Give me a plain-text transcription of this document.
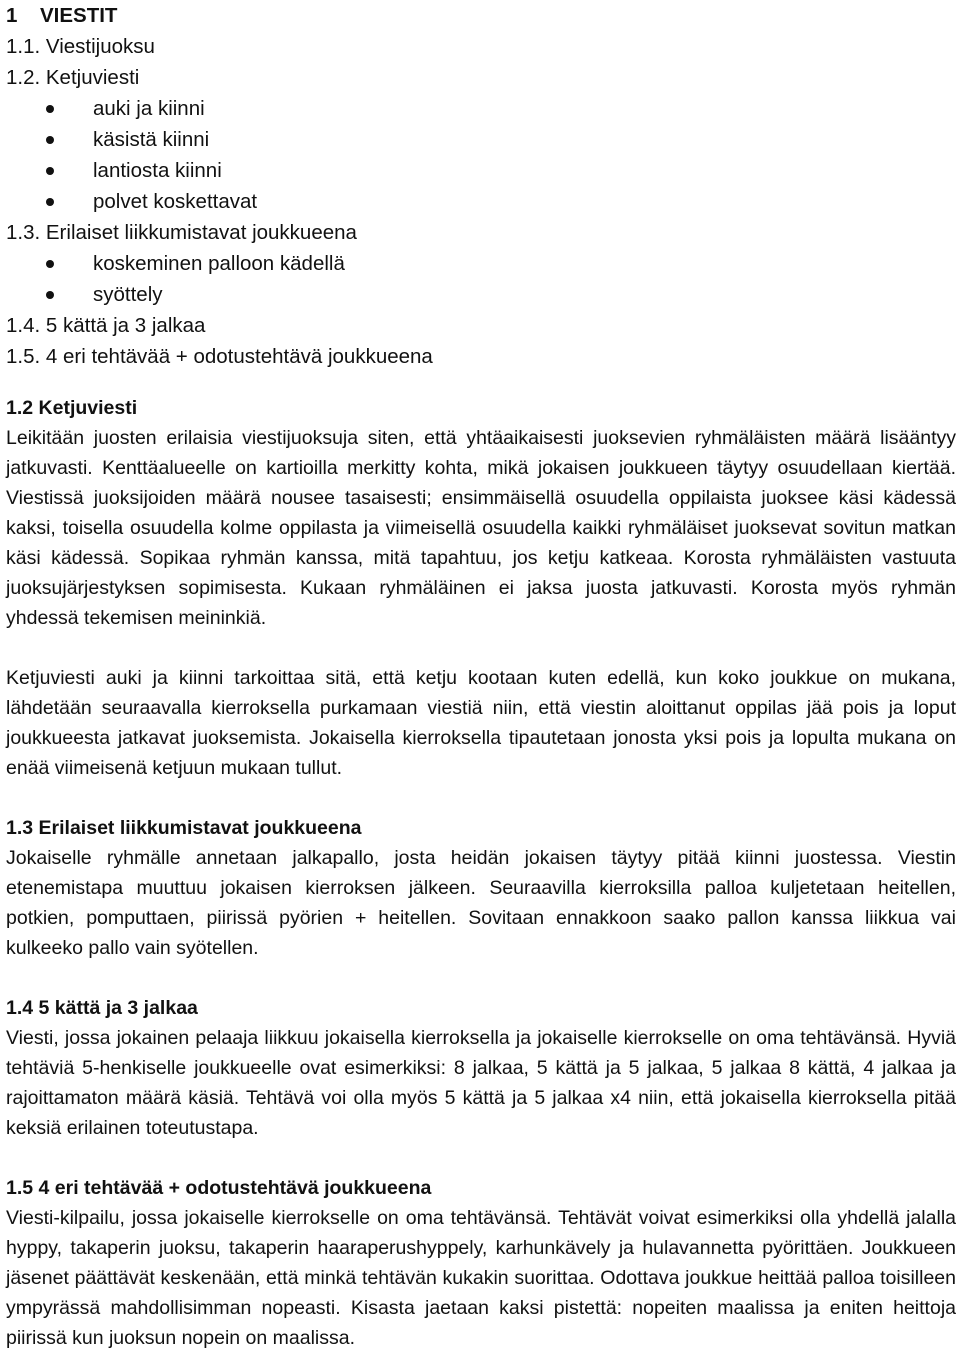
1 VIESTIT
1.1. Viestijuoksu
1.2. Ketjuviesti
auki ja kiinni
käsistä kiinni
lantiosta kiinni
polvet koskettavat
1.3. Erilaiset liikkumistavat joukkueena
koskeminen palloon kädellä
syöttely
1.4. 5 kättä ja 3 jalkaa
1.5. 4 eri tehtävää + odotustehtävä joukkueena
1.2 Ketjuviesti

Leikitään juosten erilaisia viestijuoksuja siten, että yhtäaikaisesti juoksevien ryhmäläisten määrä lisääntyy jatkuvasti. Kenttäalueelle on kartioilla merkitty kohta, mikä jokaisen joukkueen täytyy osuudellaan kiertää. Viestissä juoksijoiden määrä nousee tasaisesti; ensimmäisellä osuudella oppilaista juoksee käsi kädessä kaksi, toisella osuudella kolme oppilasta ja viimeisellä osuudella kaikki ryhmäläiset juoksevat sovitun matkan käsi kädessä. Sopikaa ryhmän kanssa, mitä tapahtuu, jos ketju katkeaa. Korosta ryhmäläisten vastuuta juoksujärjestyksen sopimisesta. Kukaan ryhmäläinen ei jaksa juosta jatkuvasti. Korosta myös ryhmän yhdessä tekemisen meininkiä.

Ketjuviesti auki ja kiinni tarkoittaa sitä, että ketju kootaan kuten edellä, kun koko joukkue on mukana, lähdetään seuraavalla kierroksella purkamaan viestiä niin, että viestin aloittanut oppilas jää pois ja loput joukkueesta jatkavat juoksemista. Jokaisella kierroksella tipautetaan jonosta yksi pois ja lopulta mukana on enää viimeisenä ketjuun mukaan tullut.

1.3 Erilaiset liikkumistavat joukkueena

Jokaiselle ryhmälle annetaan jalkapallo, josta heidän jokaisen täytyy pitää kiinni juostessa. Viestin etenemistapa muuttuu jokaisen kierroksen jälkeen. Seuraavilla kierroksilla palloa kuljetetaan heitellen, potkien, pomputtaen, piirissä pyörien + heitellen. Sovitaan ennakkoon saako pallon kanssa liikkua vai kulkeeko pallo vain syötellen.

1.4 5 kättä ja 3 jalkaa

Viesti, jossa jokainen pelaaja liikkuu jokaisella kierroksella ja jokaiselle kierrokselle on oma tehtävänsä. Hyviä tehtäviä 5-henkiselle joukkueelle ovat esimerkiksi: 8 jalkaa, 5 kättä ja 5 jalkaa, 5 jalkaa 8 kättä, 4 jalkaa ja rajoittamaton määrä käsiä. Tehtävä voi olla myös 5 kättä ja 5 jalkaa x4 niin, että jokaisella kierroksella pitää keksiä erilainen toteutustapa.

1.5 4 eri tehtävää + odotustehtävä joukkueena

Viesti-kilpailu, jossa jokaiselle kierrokselle on oma tehtävänsä. Tehtävät voivat esimerkiksi olla yhdellä jalalla hyppy, takaperin juoksu, takaperin haaraperushyppely, karhunkävely ja hulavannetta pyörittäen. Joukkueen jäsenet päättävät keskenään, että minkä tehtävän kukakin suorittaa. Odottava joukkue heittää palloa toisilleen ympyrässä mahdollisimman nopeasti. Kisasta jaetaan kaksi pistettä: nopeiten maalissa ja eniten heittoja piirissä kun juoksun nopein on maalissa.
